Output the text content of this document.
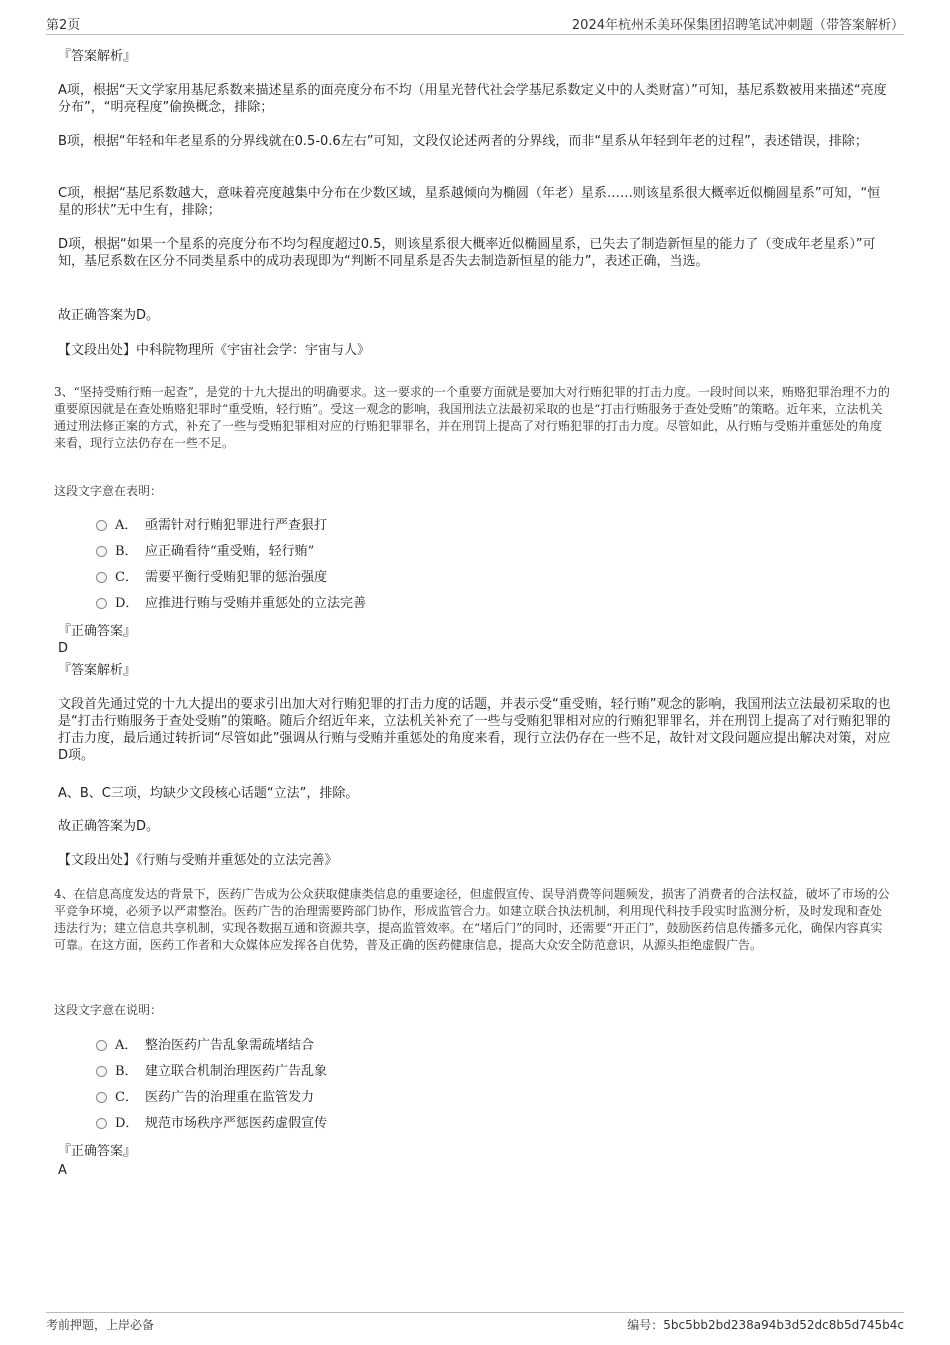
第2页	2024年杭州禾美环保集团招聘笔试冲刺题（带答案解析）
『答案解析』
A项，根据“天文学家用基尼系数来描述星系的面亮度分布不均（用星光替代社会学基尼系数定义中的人类财富）”可知，基尼系数被用来描述“亮度分布”，“明亮程度”偷换概念，排除；
B项，根据“年轻和年老星系的分界线就在0.5-0.6左右”可知，文段仅论述两者的分界线，而非“星系从年轻到年老的过程”，表述错误，排除；
C项，根据“基尼系数越大，意味着亮度越集中分布在少数区域，星系越倾向为椭圆（年老）星系……则该星系很大概率近似椭圆星系”可知，“恒星的形状”无中生有，排除；
D项，根据“如果一个星系的亮度分布不均匀程度超过0.5，则该星系很大概率近似椭圆星系，已失去了制造新恒星的能力了（变成年老星系）”可知，基尼系数在区分不同类星系中的成功表现即为“判断不同星系是否失去制造新恒星的能力”，表述正确，当选。
故正确答案为D。
【文段出处】中科院物理所《宇宙社会学：宇宙与人》
3、“坚持受贿行贿一起查”，是党的十九大提出的明确要求。这一要求的一个重要方面就是要加大对行贿犯罪的打击力度。一段时间以来，贿赂犯罪治理不力的重要原因就是在查处贿赂犯罪时“重受贿，轻行贿”。受这一观念的影响，我国刑法立法最初采取的也是“打击行贿服务于查处受贿”的策略。近年来，立法机关通过刑法修正案的方式，补充了一些与受贿犯罪相对应的行贿犯罪罪名，并在刑罚上提高了对行贿犯罪的打击力度。尽管如此，从行贿与受贿并重惩处的角度来看，现行立法仍存在一些不足。
这段文字意在表明：
A． 亟需针对行贿犯罪进行严查狠打
B． 应正确看待“重受贿，轻行贿”
C． 需要平衡行受贿犯罪的惩治强度
D． 应推进行贿与受贿并重惩处的立法完善
『正确答案』
D
『答案解析』
文段首先通过党的十九大提出的要求引出加大对行贿犯罪的打击力度的话题，并表示受“重受贿，轻行贿”观念的影响，我国刑法立法最初采取的也是“打击行贿服务于查处受贿”的策略。随后介绍近年来，立法机关补充了一些与受贿犯罪相对应的行贿犯罪罪名，并在刑罚上提高了对行贿犯罪的打击力度，最后通过转折词“尽管如此”强调从行贿与受贿并重惩处的角度来看，现行立法仍存在一些不足，故针对文段问题应提出解决对策，对应D项。
A、B、C三项，均缺少文段核心话题“立法”，排除。
故正确答案为D。
【文段出处】《行贿与受贿并重惩处的立法完善》
4、在信息高度发达的背景下，医药广告成为公众获取健康类信息的重要途径，但虚假宣传、误导消费等问题频发，损害了消费者的合法权益，破坏了市场的公平竞争环境，必须予以严肃整治。医药广告的治理需要跨部门协作，形成监管合力。如建立联合执法机制，利用现代科技手段实时监测分析，及时发现和查处违法行为；建立信息共享机制，实现各数据互通和资源共享，提高监管效率。在“堵后门”的同时，还需要“开正门”，鼓励医药信息传播多元化，确保内容真实可靠。在这方面，医药工作者和大众媒体应发挥各自优势，普及正确的医药健康信息，提高大众安全防范意识，从源头拒绝虚假广告。
这段文字意在说明：
A． 整治医药广告乱象需疏堵结合
B． 建立联合机制治理医药广告乱象
C． 医药广告的治理重在监管发力
D． 规范市场秩序严惩医药虚假宣传
『正确答案』
A
考前押题，上岸必备	编号：5bc5bb2bd238a94b3d52dc8b5d745b4c
